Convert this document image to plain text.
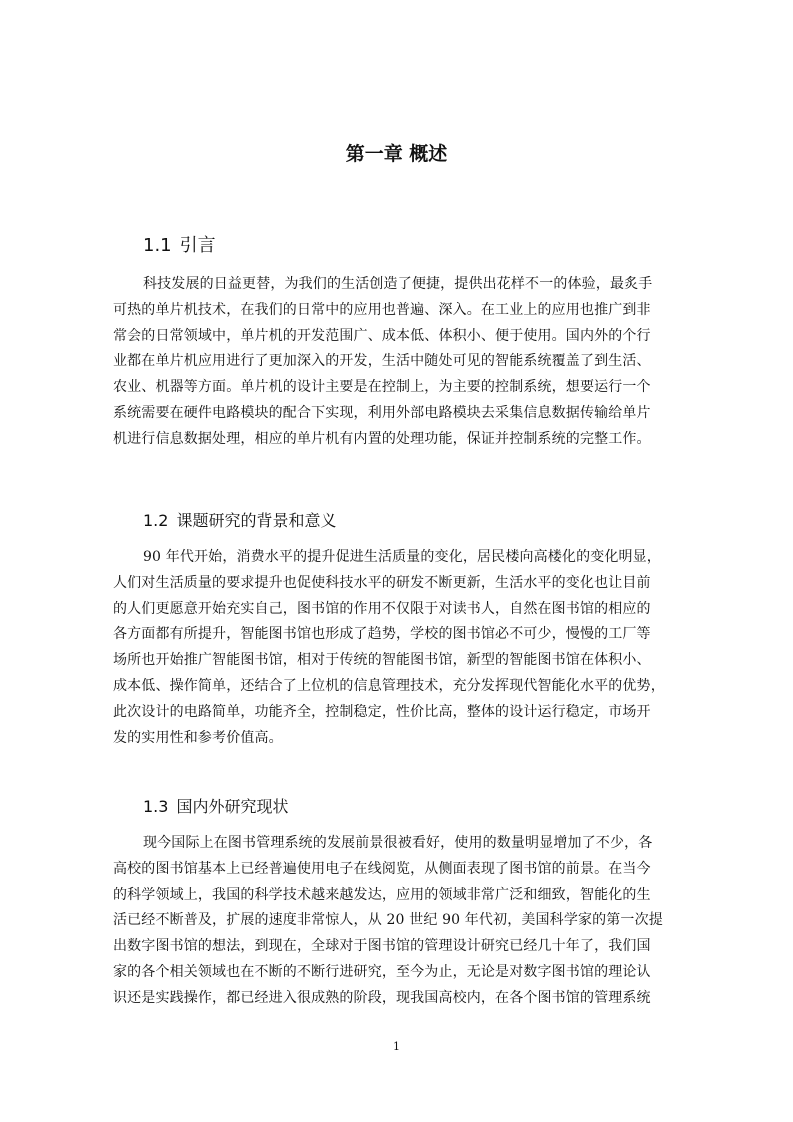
第一章 概述
1.1 引言
科技发展的日益更替，为我们的生活创造了便捷，提供出花样不一的体验，最炙手
可热的单片机技术，在我们的日常中的应用也普遍、深入。在工业上的应用也推广到非
常会的日常领域中，单片机的开发范围广、成本低、体积小、便于使用。国内外的个行
业都在单片机应用进行了更加深入的开发，生活中随处可见的智能系统覆盖了到生活、
农业、机器等方面。单片机的设计主要是在控制上，为主要的控制系统，想要运行一个
系统需要在硬件电路模块的配合下实现，利用外部电路模块去采集信息数据传输给单片
机进行信息数据处理，相应的单片机有内置的处理功能，保证并控制系统的完整工作。
1.2 课题研究的背景和意义
90 年代开始，消费水平的提升促进生活质量的变化，居民楼向高楼化的变化明显，
人们对生活质量的要求提升也促使科技水平的研发不断更新，生活水平的变化也让目前
的人们更愿意开始充实自己，图书馆的作用不仅限于对读书人，自然在图书馆的相应的
各方面都有所提升，智能图书馆也形成了趋势，学校的图书馆必不可少，慢慢的工厂等
场所也开始推广智能图书馆，相对于传统的智能图书馆，新型的智能图书馆在体积小、
成本低、操作简单，还结合了上位机的信息管理技术，充分发挥现代智能化水平的优势，
此次设计的电路简单，功能齐全，控制稳定，性价比高，整体的设计运行稳定，市场开
发的实用性和参考价值高。
1.3 国内外研究现状
现今国际上在图书管理系统的发展前景很被看好，使用的数量明显增加了不少，各
高校的图书馆基本上已经普遍使用电子在线阅览，从侧面表现了图书馆的前景。在当今
的科学领域上，我国的科学技术越来越发达，应用的领域非常广泛和细致，智能化的生
活已经不断普及，扩展的速度非常惊人，从 20 世纪 90 年代初，美国科学家的第一次提
出数字图书馆的想法，到现在，全球对于图书馆的管理设计研究已经几十年了，我们国
家的各个相关领域也在不断的不断行进研究，至今为止，无论是对数字图书馆的理论认
识还是实践操作，都已经进入很成熟的阶段，现我国高校内，在各个图书馆的管理系统
1
